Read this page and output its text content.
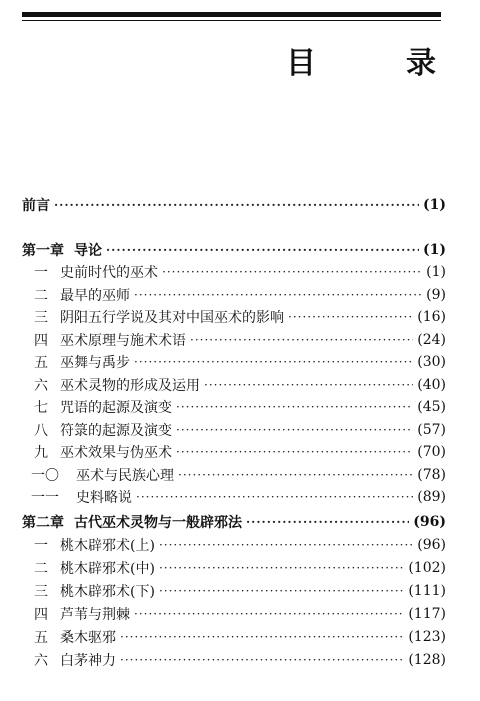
目	录
前言 ·····	(1)
第一章 导论 ·····	(1)
一 史前时代的巫术 ·····	(1)
二 最早的巫师 ·····	(9)
三 阴阳五行学说及其对中国巫术的影响 ·····	(16)
四 巫术原理与施术术语 ·····	(24)
五 巫舞与禹步 ·····	(30)
六 巫术灵物的形成及运用 ·····	(40)
七 咒语的起源及演变 ·····	(45)
八 符箓的起源及演变 ·····	(57)
九 巫术效果与伪巫术 ·····	(70)
一〇	巫术与民族心理 ·····	(78)
一一	史料略说 ·····	(89)
第二章 古代巫术灵物与一般辟邪法 ·····	(96)
一 桃木辟邪术(上) ·····	(96)
二 桃木辟邪术(中) ·····	(102)
三 桃木辟邪术(下) ·····	(111)
四 芦苇与荆棘 ·····	(117)
五 桑木驱邪 ·····	(123)
六 白茅神力 ·····	(128)
